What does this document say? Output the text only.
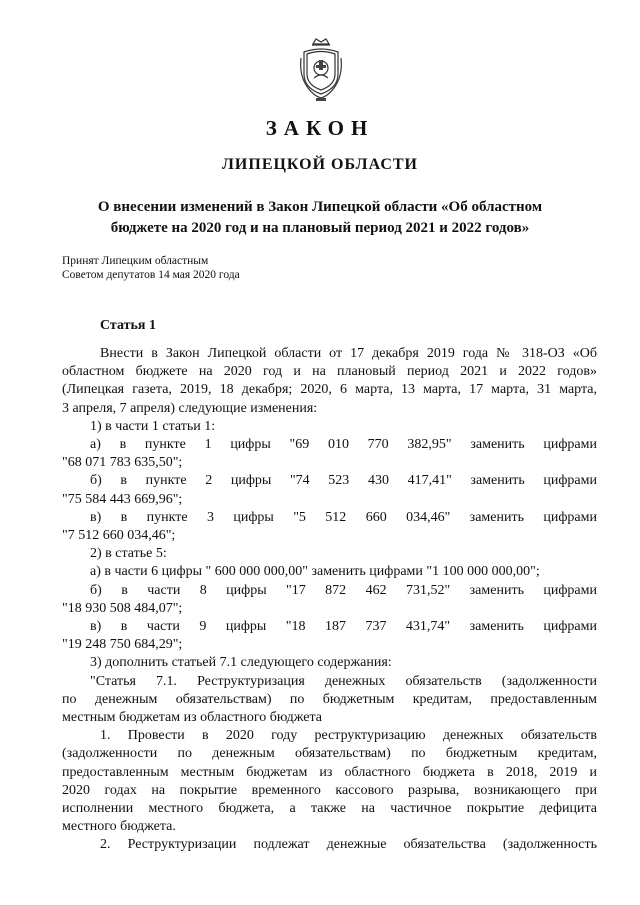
ЗАКОН
ЛИПЕЦКОЙ ОБЛАСТИ
О внесении изменений в Закон Липецкой области «Об областном
бюджете на 2020 год и на плановый период 2021 и 2022 годов»
Принят Липецким областным
Советом депутатов 14 мая 2020 года
Статья 1

Внести в Закон Липецкой области от 17 декабря 2019 года № 318-ОЗ «Об

областном бюджете на 2020 год и на плановый период 2021 и 2022 годов»

(Липецкая газета, 2019, 18 декабря; 2020, 6 марта, 13 марта, 17 марта, 31 марта,

3 апреля, 7 апреля) следующие изменения:

1) в части 1 статьи 1:

а) в пункте 1 цифры "69 010 770 382,95" заменить цифрами

"68 071 783 635,50";

б) в пункте 2 цифры "74 523 430 417,41" заменить цифрами

"75 584 443 669,96";

в) в пункте 3 цифры "5 512 660 034,46" заменить цифрами

"7 512 660 034,46";

2) в статье 5:

а) в части 6 цифры " 600 000 000,00" заменить цифрами "1 100 000 000,00";

б) в части 8 цифры "17 872 462 731,52" заменить цифрами

"18 930 508 484,07";

в) в части 9 цифры "18 187 737 431,74" заменить цифрами

"19 248 750 684,29";

3) дополнить статьей 7.1 следующего содержания:

"Статья 7.1. Реструктуризация денежных обязательств (задолженности

по денежным обязательствам) по бюджетным кредитам, предоставленным

местным бюджетам из областного бюджета

1. Провести в 2020 году реструктуризацию денежных обязательств

(задолженности по денежным обязательствам) по бюджетным кредитам,

предоставленным местным бюджетам из областного бюджета в 2018, 2019 и

2020 годах на покрытие временного кассового разрыва, возникающего при

исполнении местного бюджета, а также на частичное покрытие дефицита

местного бюджета.

2. Реструктуризации подлежат денежные обязательства (задолженность
